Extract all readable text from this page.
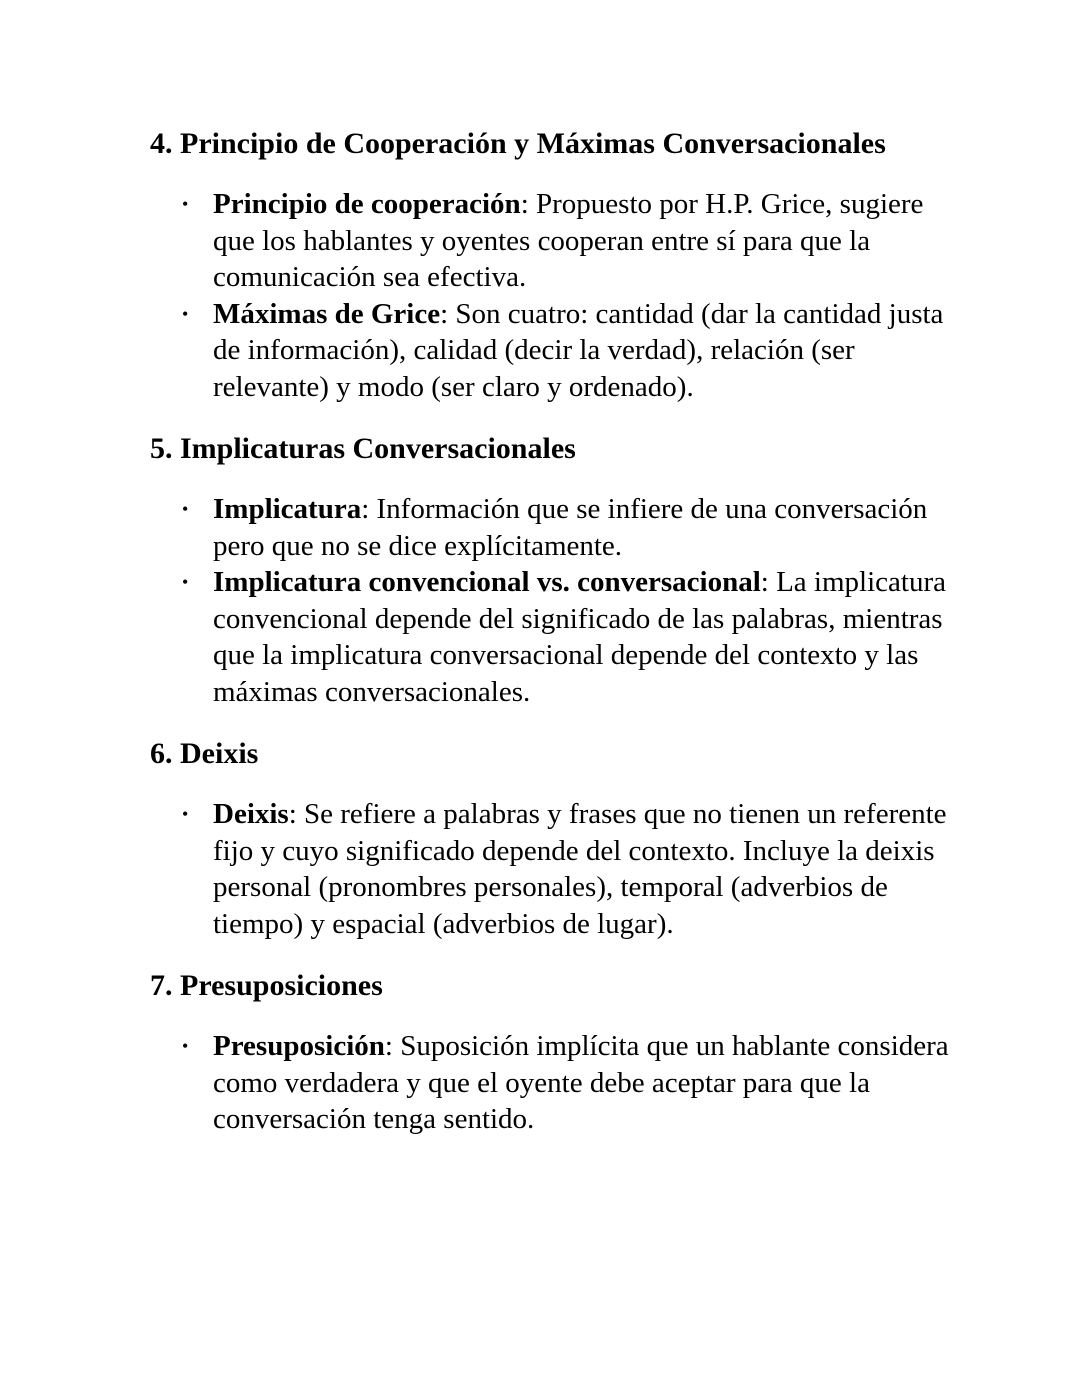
4. Principio de Cooperación y Máximas Conversacionales
• Principio de cooperación: Propuesto por H.P. Grice, sugiere que los hablantes y oyentes cooperan entre sí para que la comunicación sea efectiva.
• Máximas de Grice: Son cuatro: cantidad (dar la cantidad justa de información), calidad (decir la verdad), relación (ser relevante) y modo (ser claro y ordenado).
5. Implicaturas Conversacionales
• Implicatura: Información que se infiere de una conversación pero que no se dice explícitamente.
• Implicatura convencional vs. conversacional: La implicatura convencional depende del significado de las palabras, mientras que la implicatura conversacional depende del contexto y las máximas conversacionales.
6. Deixis
• Deixis: Se refiere a palabras y frases que no tienen un referente fijo y cuyo significado depende del contexto. Incluye la deixis personal (pronombres personales), temporal (adverbios de tiempo) y espacial (adverbios de lugar).
7. Presuposiciones
• Presuposición: Suposición implícita que un hablante considera como verdadera y que el oyente debe aceptar para que la conversación tenga sentido.
